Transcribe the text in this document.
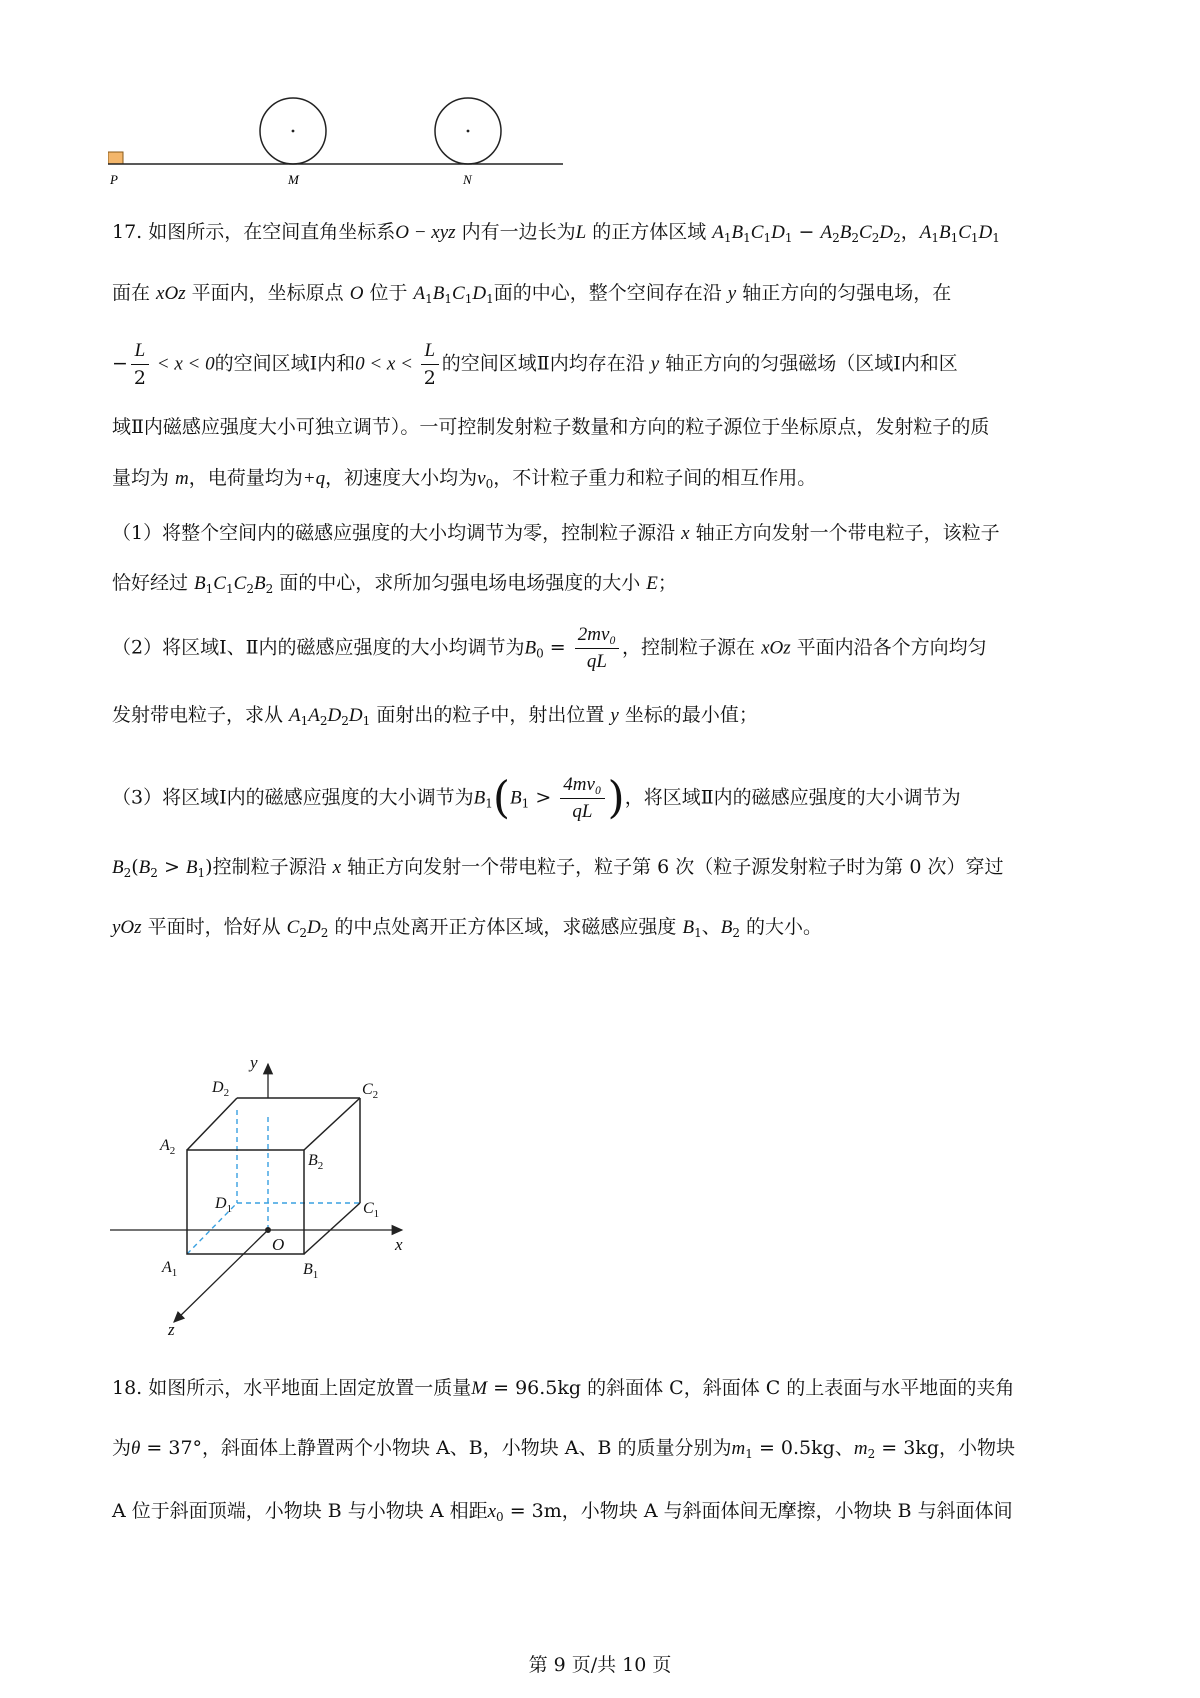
P	M	N
17. 如图所示，在空间直角坐标系O − xyz 内有一边长为L 的正方体区域 $A_1B_1C_1D_1 - A_2B_2C_2D_2$，$A_1B_1C_1D_1$
面在 xOz 平面内，坐标原点 O 位于 $A_1B_1C_1D_1$面的中心，整个空间存在沿 y 轴正方向的匀强电场，在
− $\frac{L}{2} < x < 0$的空间区域Ⅰ内和$0 < x < \frac{L}{2}$ 的空间区域Ⅱ内均存在沿 y 轴正方向的匀强磁场（区域Ⅰ内和区
域Ⅱ内磁感应强度大小可独立调节）。一可控制发射粒子数量和方向的粒子源位于坐标原点，发射粒子的质
量均为 m，电荷量均为+q，初速度大小均为$v_0$，不计粒子重力和粒子间的相互作用。
（1）将整个空间内的磁感应强度的大小均调节为零，控制粒子源沿 x 轴正方向发射一个带电粒子，该粒子
恰好经过 $B_1C_1C_2B_2$ 面的中心，求所加匀强电场电场强度的大小 E；
（2）将区域Ⅰ、Ⅱ内的磁感应强度的大小均调节为$B_0 = \frac{\text{2mv₀}}{qL}$ ，控制粒子源在 xOz 平面内沿各个方向均匀
发射带电粒子，求从 $A_1A_2D_2D_1$ 面射出的粒子中，射出位置 y 坐标的最小值；
（3）将区域Ⅰ内的磁感应强度的大小调节为$B_1(B_1 > \frac{\text{4mv₀}}{qL}$ )，将区域Ⅱ内的磁感应强度的大小调节为
$B_2(B_2 > B_1)$控制粒子源沿 x 轴正方向发射一个带电粒子，粒子第 6 次（粒子源发射粒子时为第 0 次）穿过
yOz 平面时，恰好从 $C_2D_2$ 的中点处离开正方体区域，求磁感应强度 $B_1$、$B_2$ 的大小。
y
x
z
O
$D_2$	$C_2$
$A_2$
$B_2$
$D_1$	$C_1$
$A_1$	$B_1$
18. 如图所示，水平地面上固定放置一质量M = 96.5kg 的斜面体 C，斜面体 C 的上表面与水平地面的夹角
为θ = 37°，斜面体上静置两个小物块 A、B，小物块 A、B 的质量分别为$m_1 = 0.5kg$、$m_2 = 3kg$，小物块
A 位于斜面顶端，小物块 B 与小物块 A 相距$x_0 = 3m$，小物块 A 与斜面体间无摩擦，小物块 B 与斜面体间
第 9 页/共 10 页
